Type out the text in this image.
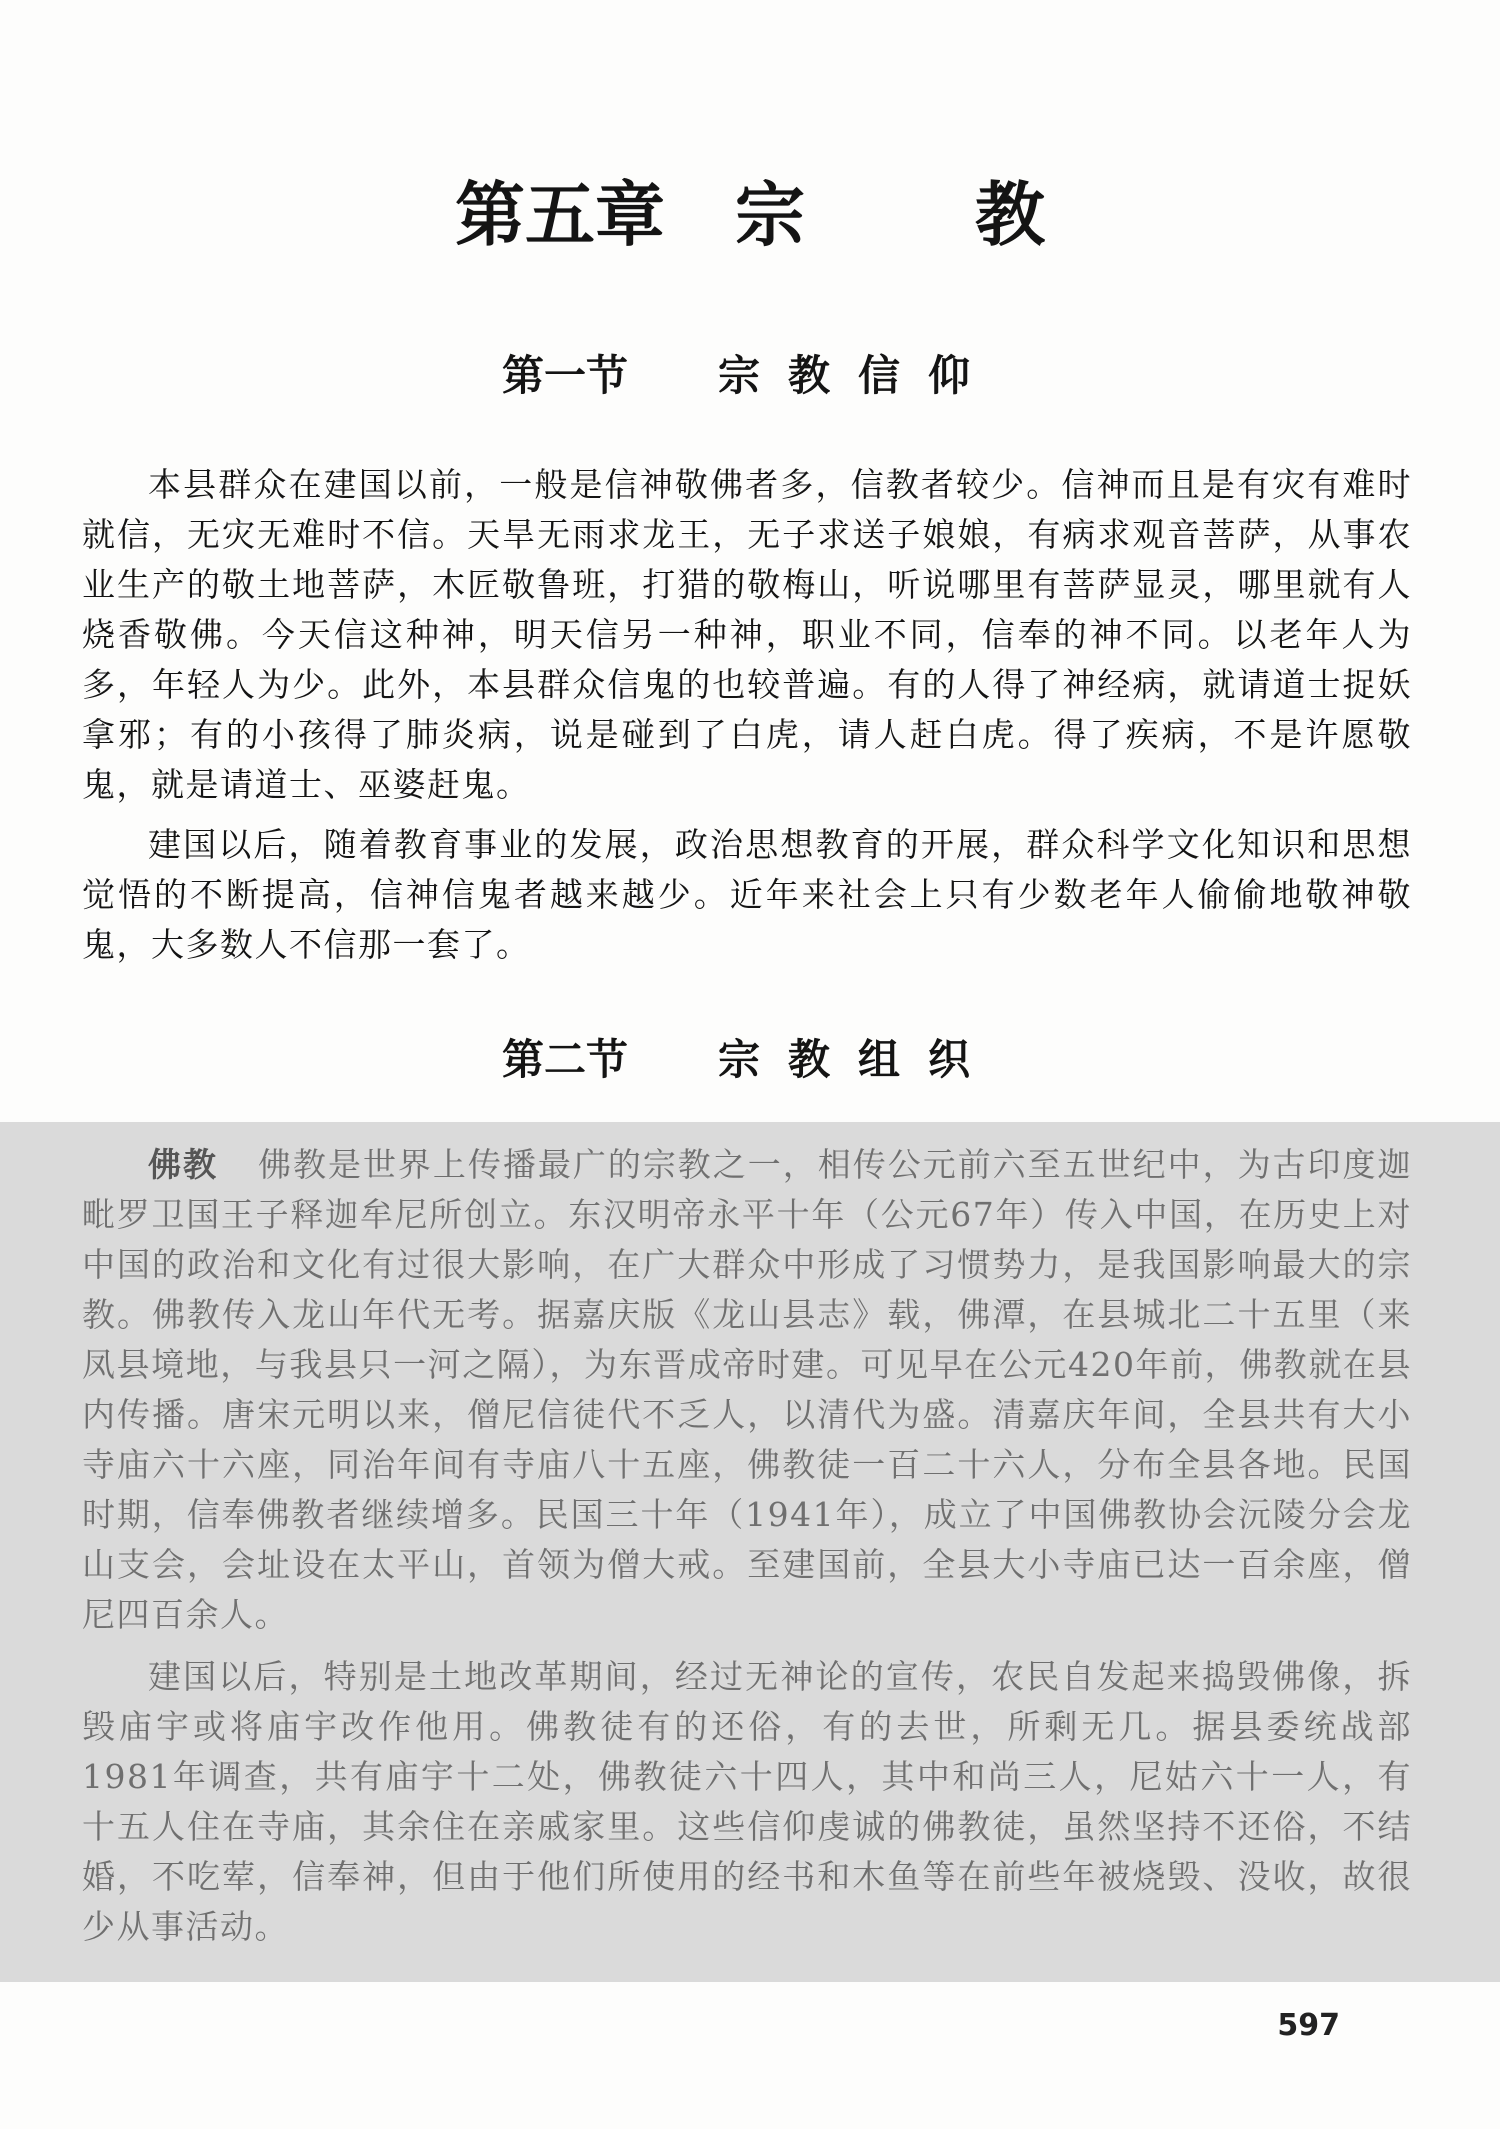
第五章 宗 教
第一节 宗教信仰

本县群众在建国以前，一般是信神敬佛者多，信教者较少。信神而且是有灾有难时就信，无灾无难时不信。天旱无雨求龙王，无子求送子娘娘，有病求观音菩萨，从事农业生产的敬土地菩萨，木匠敬鲁班，打猎的敬梅山，听说哪里有菩萨显灵，哪里就有人烧香敬佛。今天信这种神，明天信另一种神，职业不同，信奉的神不同。以老年人为多，年轻人为少。此外，本县群众信鬼的也较普遍。有的人得了神经病，就请道士捉妖拿邪；有的小孩得了肺炎病，说是碰到了白虎，请人赶白虎。得了疾病，不是许愿敬鬼，就是请道士、巫婆赶鬼。

建国以后，随着教育事业的发展，政治思想教育的开展，群众科学文化知识和思想觉悟的不断提高，信神信鬼者越来越少。近年来社会上只有少数老年人偷偷地敬神敬鬼，大多数人不信那一套了。

第二节 宗教组织

佛教 佛教是世界上传播最广的宗教之一，相传公元前六至五世纪中，为古印度迦毗罗卫国王子释迦牟尼所创立。东汉明帝永平十年（公元67年）传入中国，在历史上对中国的政治和文化有过很大影响，在广大群众中形成了习惯势力，是我国影响最大的宗教。佛教传入龙山年代无考。据嘉庆版《龙山县志》载，佛潭，在县城北二十五里（来凤县境地，与我县只一河之隔），为东晋成帝时建。可见早在公元420年前，佛教就在县内传播。唐宋元明以来，僧尼信徒代不乏人，以清代为盛。清嘉庆年间，全县共有大小寺庙六十六座，同治年间有寺庙八十五座，佛教徒一百二十六人，分布全县各地。民国时期，信奉佛教者继续增多。民国三十年（1941年），成立了中国佛教协会沅陵分会龙山支会，会址设在太平山，首领为僧大戒。至建国前，全县大小寺庙已达一百余座，僧尼四百余人。

建国以后，特别是土地改革期间，经过无神论的宣传，农民自发起来捣毁佛像，拆毁庙宇或将庙宇改作他用。佛教徒有的还俗，有的去世，所剩无几。据县委统战部1981年调查，共有庙宇十二处，佛教徒六十四人，其中和尚三人，尼姑六十一人，有十五人住在寺庙，其余住在亲戚家里。这些信仰虔诚的佛教徒，虽然坚持不还俗，不结婚，不吃荤，信奉神，但由于他们所使用的经书和木鱼等在前些年被烧毁、没收，故很少从事活动。

597
